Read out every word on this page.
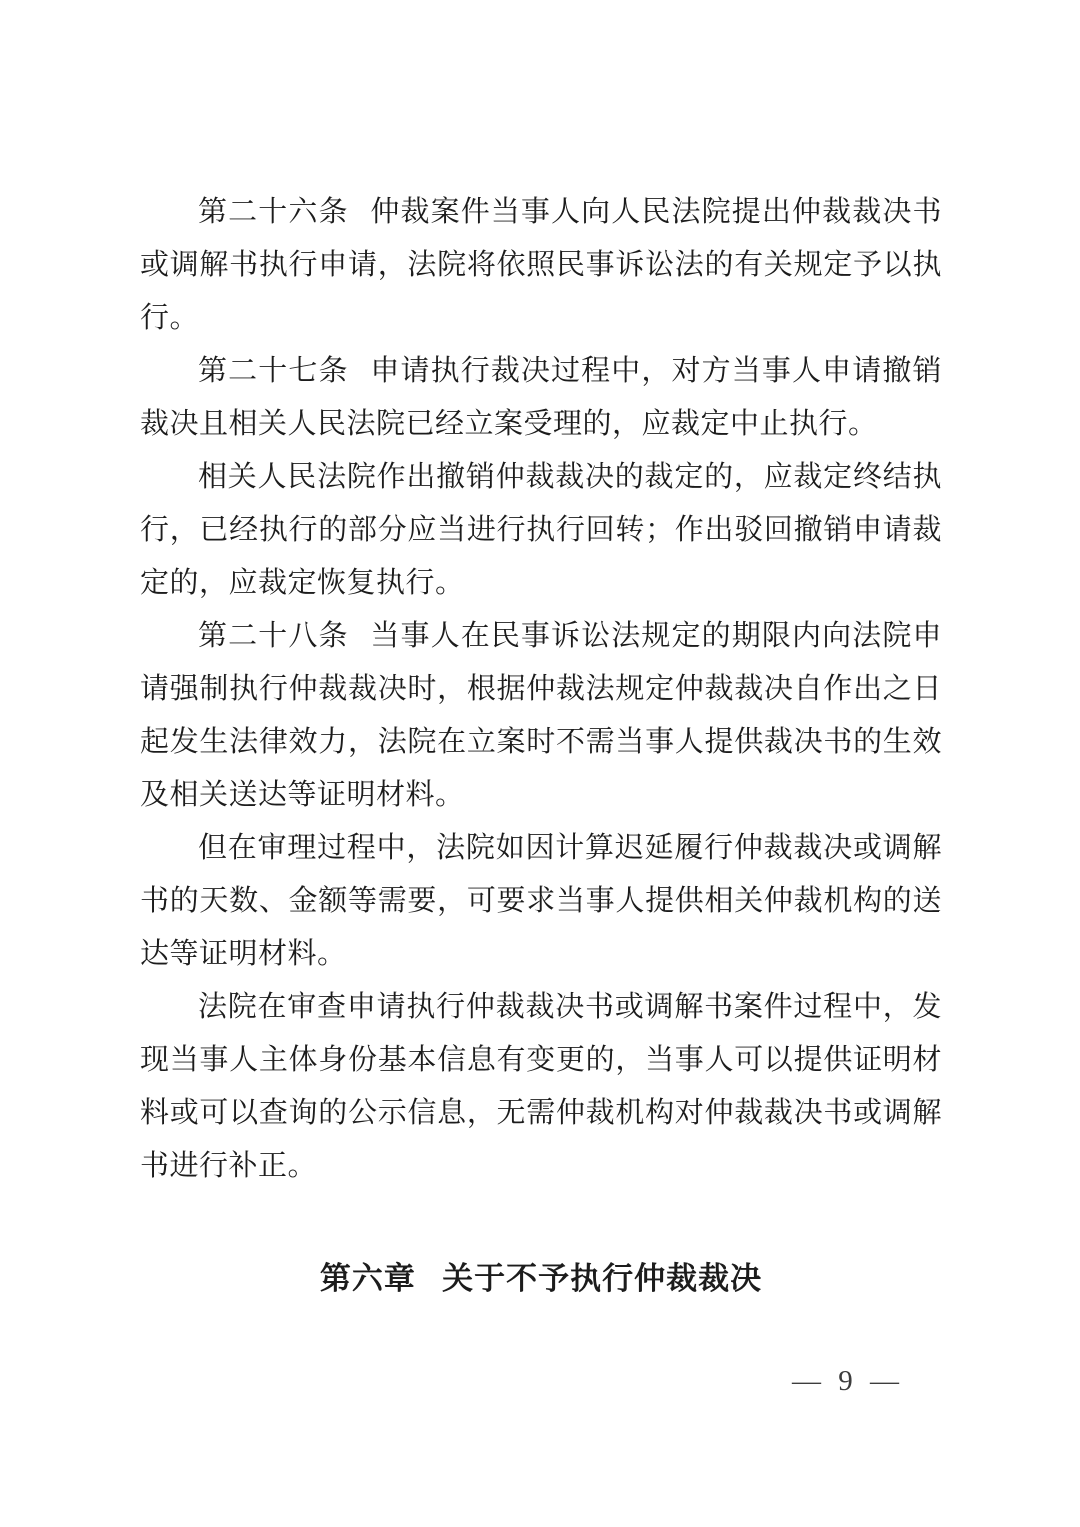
第二十六条 仲裁案件当事人向人民法院提出仲裁裁决书或调解书执行申请，法院将依照民事诉讼法的有关规定予以执行。

第二十七条 申请执行裁决过程中，对方当事人申请撤销裁决且相关人民法院已经立案受理的，应裁定中止执行。

相关人民法院作出撤销仲裁裁决的裁定的，应裁定终结执行，已经执行的部分应当进行执行回转；作出驳回撤销申请裁定的，应裁定恢复执行。

第二十八条 当事人在民事诉讼法规定的期限内向法院申请强制执行仲裁裁决时，根据仲裁法规定仲裁裁决自作出之日起发生法律效力，法院在立案时不需当事人提供裁决书的生效及相关送达等证明材料。

但在审理过程中，法院如因计算迟延履行仲裁裁决或调解书的天数、金额等需要，可要求当事人提供相关仲裁机构的送达等证明材料。

法院在审查申请执行仲裁裁决书或调解书案件过程中，发现当事人主体身份基本信息有变更的，当事人可以提供证明材料或可以查询的公示信息，无需仲裁机构对仲裁裁决书或调解书进行补正。

第六章 关于不予执行仲裁裁决
— 9 —
